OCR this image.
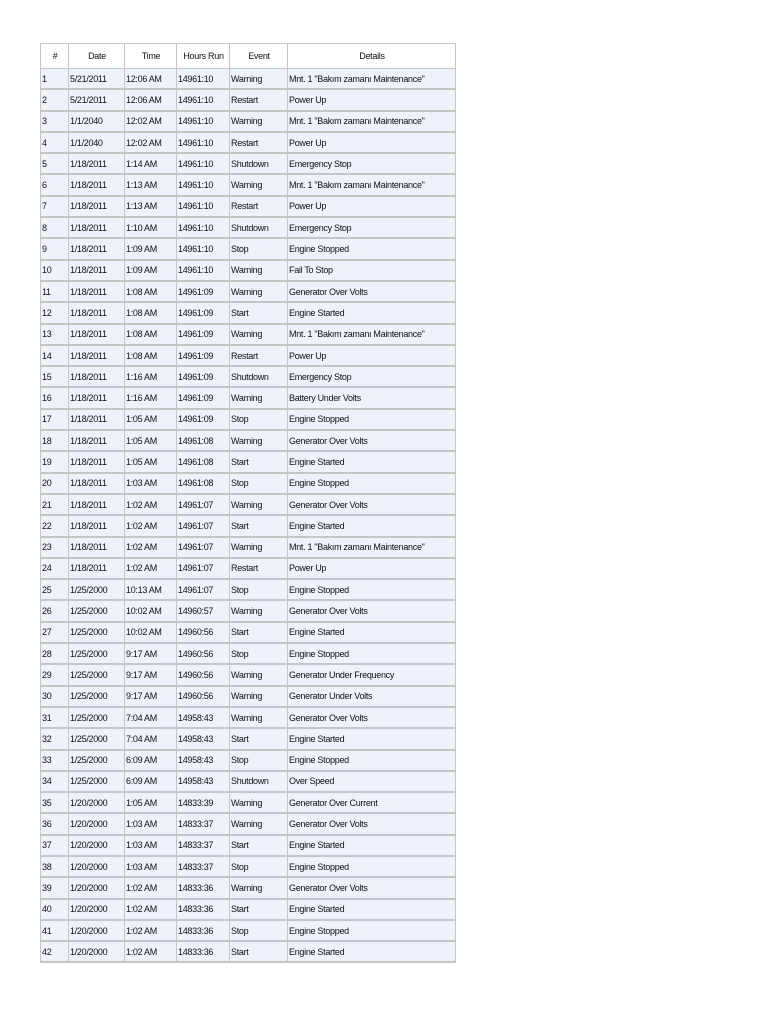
#	Date	Time	Hours Run	Event	Details
1	5/21/2011	12:06 AM	14961:10	Warning	Mnt. 1 "Bakım zamanı Maintenance"
2	5/21/2011	12:06 AM	14961:10	Restart	Power Up
3	1/1/2040	12:02 AM	14961:10	Warning	Mnt. 1 "Bakım zamanı Maintenance"
4	1/1/2040	12:02 AM	14961:10	Restart	Power Up
5	1/18/2011	1:14 AM	14961:10	Shutdown	Emergency Stop
6	1/18/2011	1:13 AM	14961:10	Warning	Mnt. 1 "Bakım zamanı Maintenance"
7	1/18/2011	1:13 AM	14961:10	Restart	Power Up
8	1/18/2011	1:10 AM	14961:10	Shutdown	Emergency Stop
9	1/18/2011	1:09 AM	14961:10	Stop	Engine Stopped
10	1/18/2011	1:09 AM	14961:10	Warning	Fail To Stop
11	1/18/2011	1:08 AM	14961:09	Warning	Generator Over Volts
12	1/18/2011	1:08 AM	14961:09	Start	Engine Started
13	1/18/2011	1:08 AM	14961:09	Warning	Mnt. 1 "Bakım zamanı Maintenance"
14	1/18/2011	1:08 AM	14961:09	Restart	Power Up
15	1/18/2011	1:16 AM	14961:09	Shutdown	Emergency Stop
16	1/18/2011	1:16 AM	14961:09	Warning	Battery Under Volts
17	1/18/2011	1:05 AM	14961:09	Stop	Engine Stopped
18	1/18/2011	1:05 AM	14961:08	Warning	Generator Over Volts
19	1/18/2011	1:05 AM	14961:08	Start	Engine Started
20	1/18/2011	1:03 AM	14961:08	Stop	Engine Stopped
21	1/18/2011	1:02 AM	14961:07	Warning	Generator Over Volts
22	1/18/2011	1:02 AM	14961:07	Start	Engine Started
23	1/18/2011	1:02 AM	14961:07	Warning	Mnt. 1 "Bakım zamanı Maintenance"
24	1/18/2011	1:02 AM	14961:07	Restart	Power Up
25	1/25/2000	10:13 AM	14961:07	Stop	Engine Stopped
26	1/25/2000	10:02 AM	14960:57	Warning	Generator Over Volts
27	1/25/2000	10:02 AM	14960:56	Start	Engine Started
28	1/25/2000	9:17 AM	14960:56	Stop	Engine Stopped
29	1/25/2000	9:17 AM	14960:56	Warning	Generator Under Frequency
30	1/25/2000	9:17 AM	14960:56	Warning	Generator Under Volts
31	1/25/2000	7:04 AM	14958:43	Warning	Generator Over Volts
32	1/25/2000	7:04 AM	14958:43	Start	Engine Started
33	1/25/2000	6:09 AM	14958:43	Stop	Engine Stopped
34	1/25/2000	6:09 AM	14958:43	Shutdown	Over Speed
35	1/20/2000	1:05 AM	14833:39	Warning	Generator Over Current
36	1/20/2000	1:03 AM	14833:37	Warning	Generator Over Volts
37	1/20/2000	1:03 AM	14833:37	Start	Engine Started
38	1/20/2000	1:03 AM	14833:37	Stop	Engine Stopped
39	1/20/2000	1:02 AM	14833:36	Warning	Generator Over Volts
40	1/20/2000	1:02 AM	14833:36	Start	Engine Started
41	1/20/2000	1:02 AM	14833:36	Stop	Engine Stopped
42	1/20/2000	1:02 AM	14833:36	Start	Engine Started
